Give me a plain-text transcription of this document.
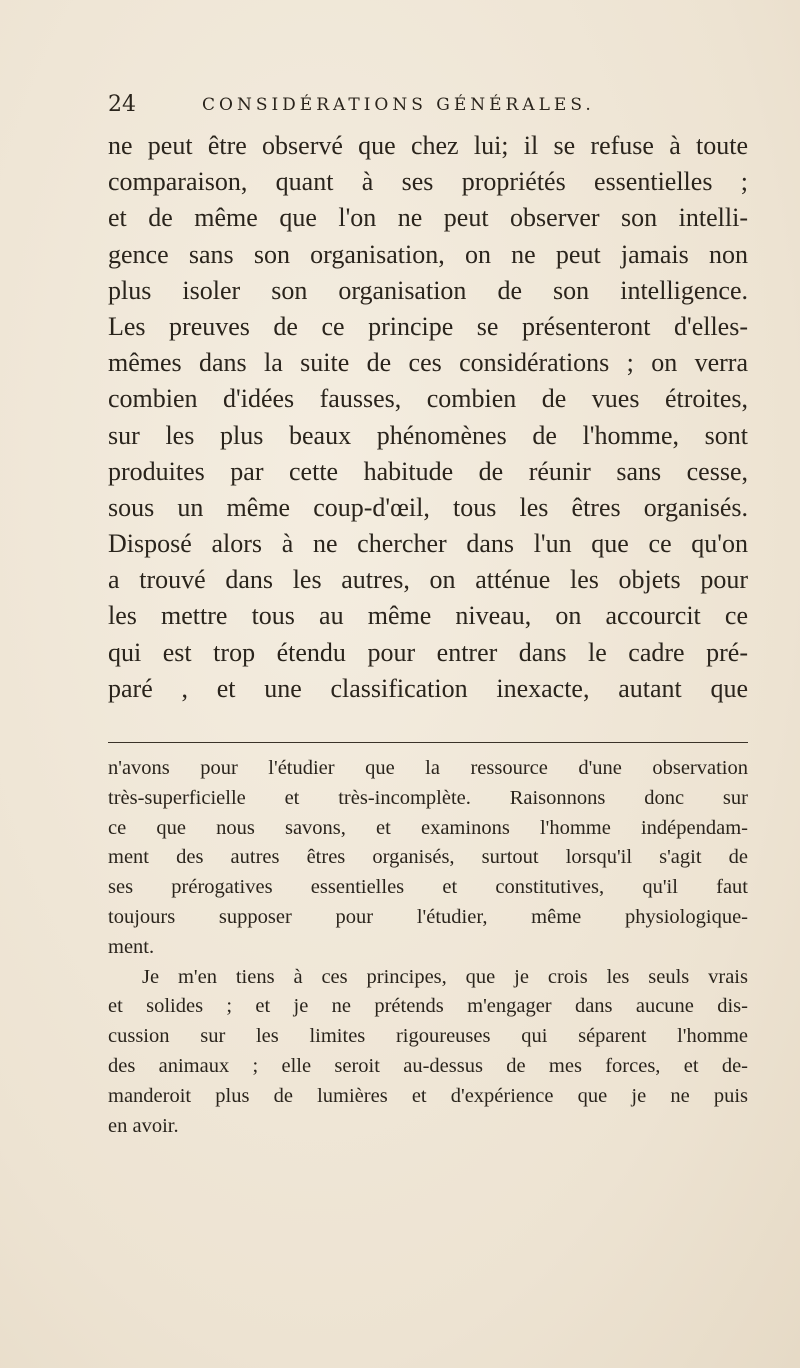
24	CONSIDÉRATIONS GÉNÉRALES.
ne peut être observé que chez lui; il se refuse à toute
comparaison, quant à ses propriétés essentielles ;
et de même que l'on ne peut observer son intelli-
gence sans son organisation, on ne peut jamais non
plus isoler son organisation de son intelligence.
Les preuves de ce principe se présenteront d'elles-
mêmes dans la suite de ces considérations ; on verra
combien d'idées fausses, combien de vues étroites,
sur les plus beaux phénomènes de l'homme, sont
produites par cette habitude de réunir sans cesse,
sous un même coup-d'œil, tous les êtres organisés.
Disposé alors à ne chercher dans l'un que ce qu'on
a trouvé dans les autres, on atténue les objets pour
les mettre tous au même niveau, on accourcit ce
qui est trop étendu pour entrer dans le cadre pré-
paré , et une classification inexacte, autant que
n'avons pour l'étudier que la ressource d'une observation
très-superficielle et très-incomplète. Raisonnons donc sur
ce que nous savons, et examinons l'homme indépendam-
ment des autres êtres organisés, surtout lorsqu'il s'agit de
ses prérogatives essentielles et constitutives, qu'il faut
toujours supposer pour l'étudier, même physiologique-
ment.
Je m'en tiens à ces principes, que je crois les seuls vrais
et solides ; et je ne prétends m'engager dans aucune dis-
cussion sur les limites rigoureuses qui séparent l'homme
des animaux ; elle seroit au-dessus de mes forces, et de-
manderoit plus de lumières et d'expérience que je ne puis
en avoir.
